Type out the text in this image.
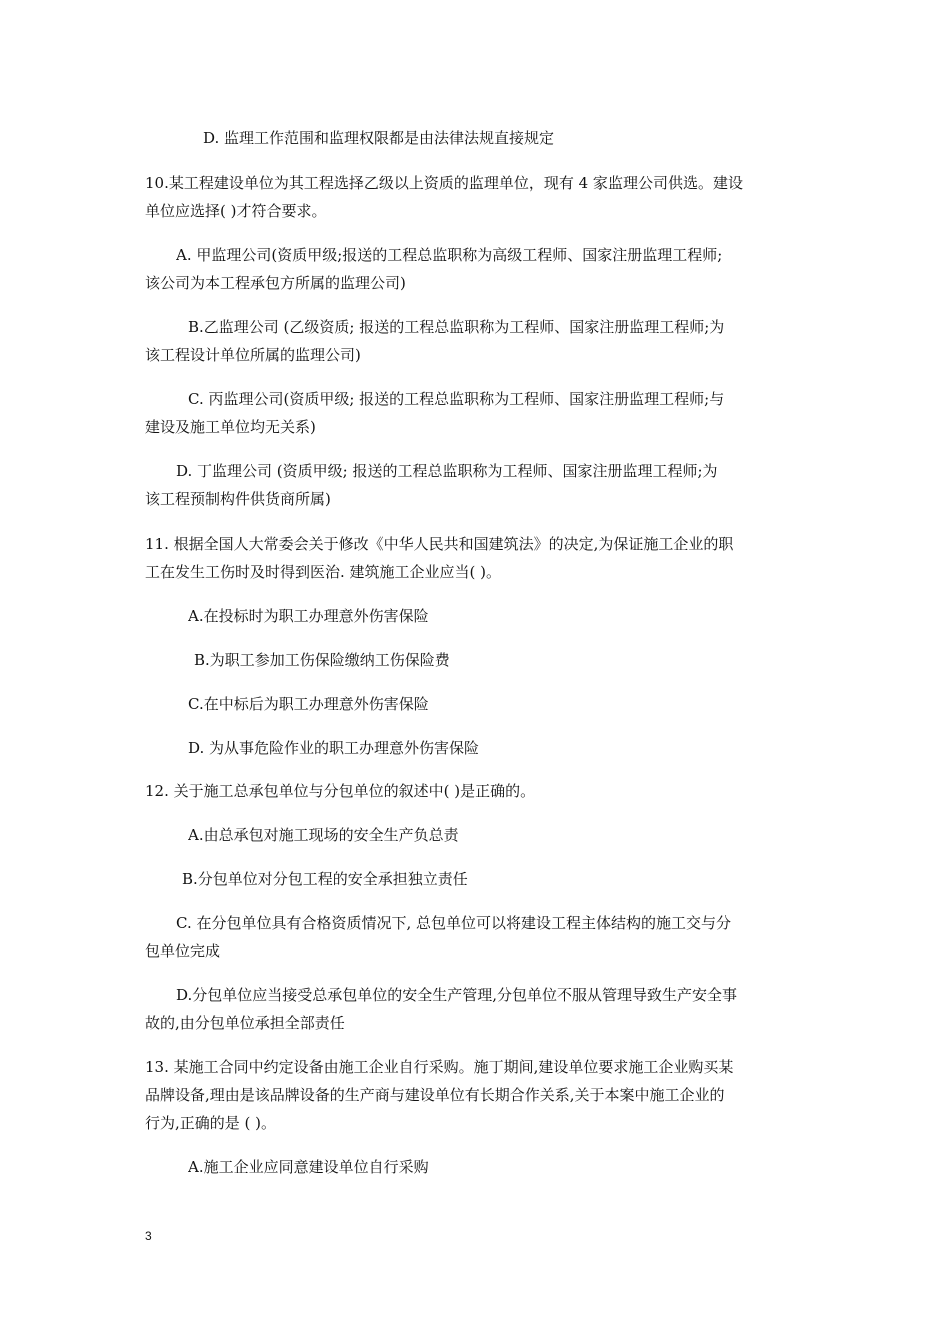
D. 监理工作范围和监理权限都是由法律法规直接规定
10.某工程建设单位为其工程选择乙级以上资质的监理单位，现有 4 家监理公司供选。建设
单位应选择( )才符合要求。
A. 甲监理公司(资质甲级;报送的工程总监职称为高级工程师、国家注册监理工程师;
该公司为本工程承包方所属的监理公司)
B.乙监理公司 (乙级资质; 报送的工程总监职称为工程师、国家注册监理工程师;为
该工程设计单位所属的监理公司)
C. 丙监理公司(资质甲级; 报送的工程总监职称为工程师、国家注册监理工程师;与
建设及施工单位均无关系)
D. 丁监理公司 (资质甲级; 报送的工程总监职称为工程师、国家注册监理工程师;为
该工程预制构件供货商所属)
11. 根据全国人大常委会关于修改《中华人民共和国建筑法》的决定,为保证施工企业的职
工在发生工伤时及时得到医治. 建筑施工企业应当( )。
A.在投标时为职工办理意外伤害保险
B.为职工参加工伤保险缴纳工伤保险费
C.在中标后为职工办理意外伤害保险
D. 为从事危险作业的职工办理意外伤害保险
12. 关于施工总承包单位与分包单位的叙述中( )是正确的。
A.由总承包对施工现场的安全生产负总责
B.分包单位对分包工程的安全承担独立责任
C. 在分包单位具有合格资质情况下, 总包单位可以将建设工程主体结构的施工交与分
包单位完成
D.分包单位应当接受总承包单位的安全生产管理,分包单位不服从管理导致生产安全事
故的,由分包单位承担全部责任
13. 某施工合同中约定设备由施工企业自行采购。施丁期间,建设单位要求施工企业购买某
品牌设备,理由是该品牌设备的生产商与建设单位有长期合作关系,关于本案中施工企业的
行为,正确的是 ( )。
A.施工企业应同意建设单位自行采购
3
